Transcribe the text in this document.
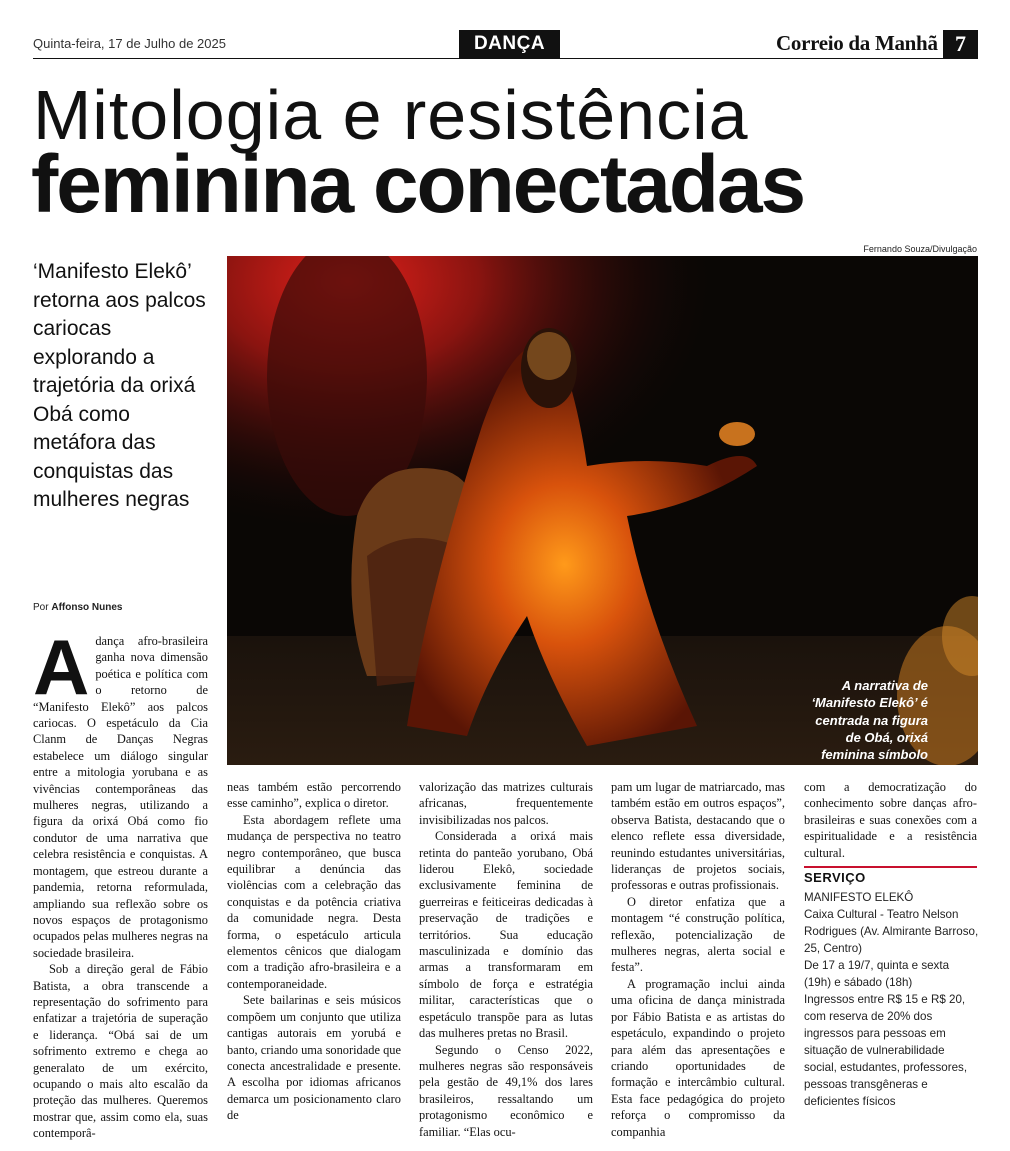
Quinta-feira, 17 de Julho de 2025	DANÇA	Correio da Manhã 7
Mitologia e resistência
feminina conectadas
Fernando Souza/Divulgação
‘Manifesto Elekô’ retorna aos palcos cariocas explorando a trajetória da orixá Obá como metáfora das conquistas das mulheres negras
Por Affonso Nunes
A narrativa de ‘Manifesto Elekô’ é centrada na figura de Obá, orixá feminina símbolo
A dança afro-brasileira ganha nova dimensão poética e política com o retorno de “Manifesto Elekô” aos palcos cariocas. O espetáculo da Cia Clanm de Danças Negras estabelece um diálogo singular entre a mitologia yorubana e as vivências contemporâneas das mulheres negras, utilizando a figura da orixá Obá como fio condutor de uma narrativa que celebra resistência e conquistas. A montagem, que estreou durante a pandemia, retorna reformulada, ampliando sua reflexão sobre os novos espaços de protagonismo ocupados pelas mulheres negras na sociedade brasileira.

Sob a direção geral de Fábio Batista, a obra transcende a representação do sofrimento para enfatizar a trajetória de superação e liderança. “Obá sai de um sofrimento extremo e chega ao generalato de um exército, ocupando o mais alto escalão da proteção das mulheres. Queremos mostrar que, assim como ela, suas contemporâ-

neas também estão percorrendo esse caminho”, explica o diretor.

Esta abordagem reflete uma mudança de perspectiva no teatro negro contemporâneo, que busca equilibrar a denúncia das violências com a celebração das conquistas e da potência criativa da comunidade negra. Desta forma, o espetáculo articula elementos cênicos que dialogam com a tradição afro-brasileira e a contemporaneidade.

Sete bailarinas e seis músicos compõem um conjunto que utiliza cantigas autorais em yorubá e banto, criando uma sonoridade que conecta ancestralidade e presente. A escolha por idiomas africanos demarca um posicionamento claro de

valorização das matrizes culturais africanas, frequentemente invisibilizadas nos palcos.

Considerada a orixá mais retinta do panteão yorubano, Obá liderou Elekô, sociedade exclusivamente feminina de guerreiras e feiticeiras dedicadas à preservação de tradições e territórios. Sua educação masculinizada e domínio das armas a transformaram em símbolo de força e estratégia militar, características que o espetáculo transpõe para as lutas das mulheres pretas no Brasil.

Segundo o Censo 2022, mulheres negras são responsáveis pela gestão de 49,1% dos lares brasileiros, ressaltando um protagonismo econômico e familiar. “Elas ocu-

pam um lugar de matriarcado, mas também estão em outros espaços”, observa Batista, destacando que o elenco reflete essa diversidade, reunindo estudantes universitárias, lideranças de projetos sociais, professoras e outras profissionais.

O diretor enfatiza que a montagem “é construção política, reflexão, potencialização de mulheres negras, alerta social e festa”.

A programação inclui ainda uma oficina de dança ministrada por Fábio Batista e as artistas do espetáculo, expandindo o projeto para além das apresentações e criando oportunidades de formação e intercâmbio cultural. Esta face pedagógica do projeto reforça o compromisso da companhia

com a democratização do conhecimento sobre danças afro-brasileiras e suas conexões com a espiritualidade e a resistência cultural.

SERVIÇO
MANIFESTO ELEKÔ
Caixa Cultural - Teatro Nelson Rodrigues (Av. Almirante Barroso, 25, Centro)
De 17 a 19/7, quinta e sexta (19h) e sábado (18h)
Ingressos entre R$ 15 e R$ 20, com reserva de 20% dos ingressos para pessoas em situação de vulnerabilidade social, estudantes, professores, pessoas transgêneras e deficientes físicos
